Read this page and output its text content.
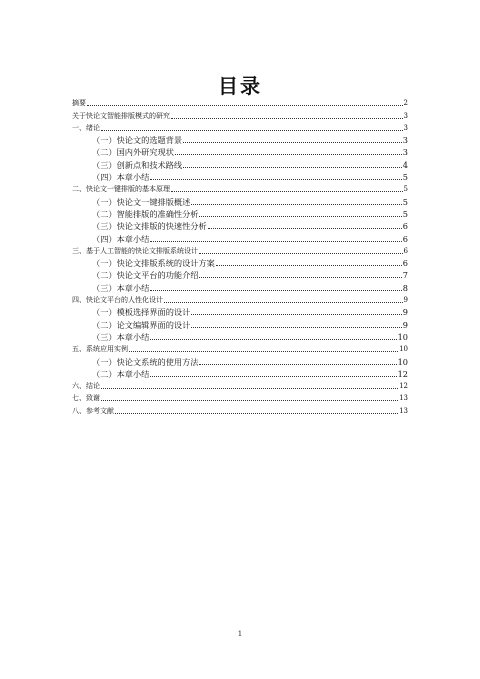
目录
摘要	2
关于快论文智能排版模式的研究	3
一、绪论	3
（一）快论文的选题背景	3
（二）国内外研究现状	3
（三）创新点和技术路线	4
（四）本章小结	5
二、快论文一键排版的基本原理	5
（一）快论文一键排版概述	5
（二）智能排版的准确性分析	5
（三）快论文排版的快速性分析	6
（四）本章小结	6
三、基于人工智能的快论文排版系统设计	6
（一）快论文排版系统的设计方案	6
（二）快论文平台的功能介绍	7
（三）本章小结	8
四、快论文平台的人性化设计	9
（一）模板选择界面的设计	9
（二）论文编辑界面的设计	9
（三）本章小结	10
五、系统应用实例	10
（一）快论文系统的使用方法	10
（二）本章小结	12
六、结论	12
七、致谢	13
八、参考文献	13
1
